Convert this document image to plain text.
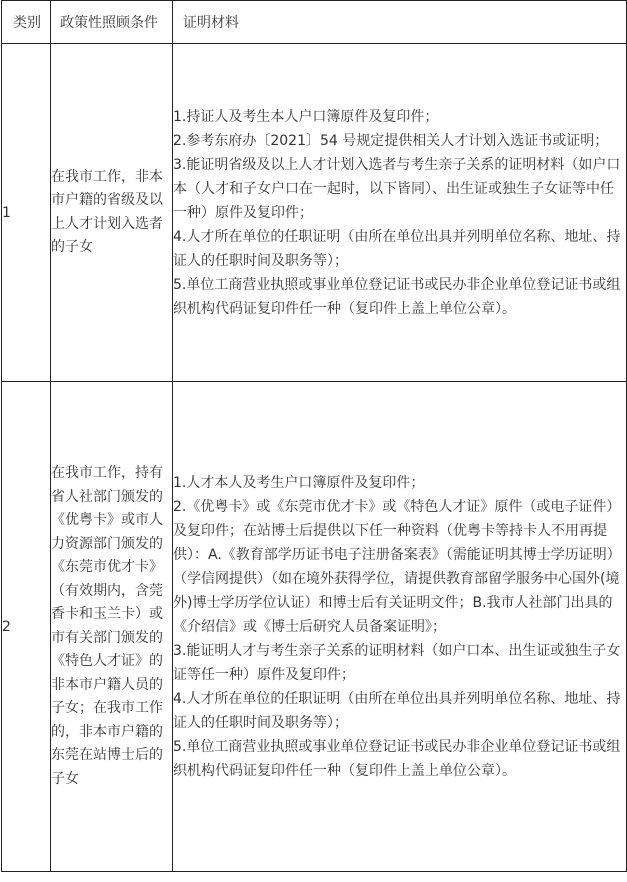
类别	政策性照顾条件	证明材料
1	在我市工作，非本市户籍的省级及以上人才计划入选者的子女	1.持证人及考生本人户口簿原件及复印件；

2.参考东府办〔2021〕54 号规定提供相关人才计划入选证书或证明；

3.能证明省级及以上人才计划入选者与考生亲子关系的证明材料（如户口本（人才和子女户口在一起时，以下皆同）、出生证或独生子女证等中任一种）原件及复印件；

4.人才所在单位的任职证明（由所在单位出具并列明单位名称、地址、持证人的任职时间及职务等）；

5.单位工商营业执照或事业单位登记证书或民办非企业单位登记证书或组织机构代码证复印件任一种（复印件上盖上单位公章）。

2	在我市工作，持有省人社部门颁发的《优粤卡》或市人力资源部门颁发的《东莞市优才卡》（有效期内，含莞香卡和玉兰卡）或市有关部门颁发的《特色人才证》的非本市户籍人员的子女；在我市工作的，非本市户籍的东莞在站博士后的子女	1.人才本人及考生户口簿原件及复印件；

2.《优粤卡》或《东莞市优才卡》或《特色人才证》原件（或电子证件）及复印件；在站博士后提供以下任一种资料（优粤卡等持卡人不用再提供）：A.《教育部学历证书电子注册备案表》（需能证明其博士学历证明）（学信网提供）（如在境外获得学位，请提供教育部留学服务中心国外(境外)博士学历学位认证）和博士后有关证明文件；B.我市人社部门出具的《介绍信》或《博士后研究人员备案证明》；

3.能证明人才与考生亲子关系的证明材料（如户口本、出生证或独生子女证等任一种）原件及复印件；

4.人才所在单位的任职证明（由所在单位出具并列明单位名称、地址、持证人的任职时间及职务等）；

5.单位工商营业执照或事业单位登记证书或民办非企业单位登记证书或组织机构代码证复印件任一种（复印件上盖上单位公章）。
